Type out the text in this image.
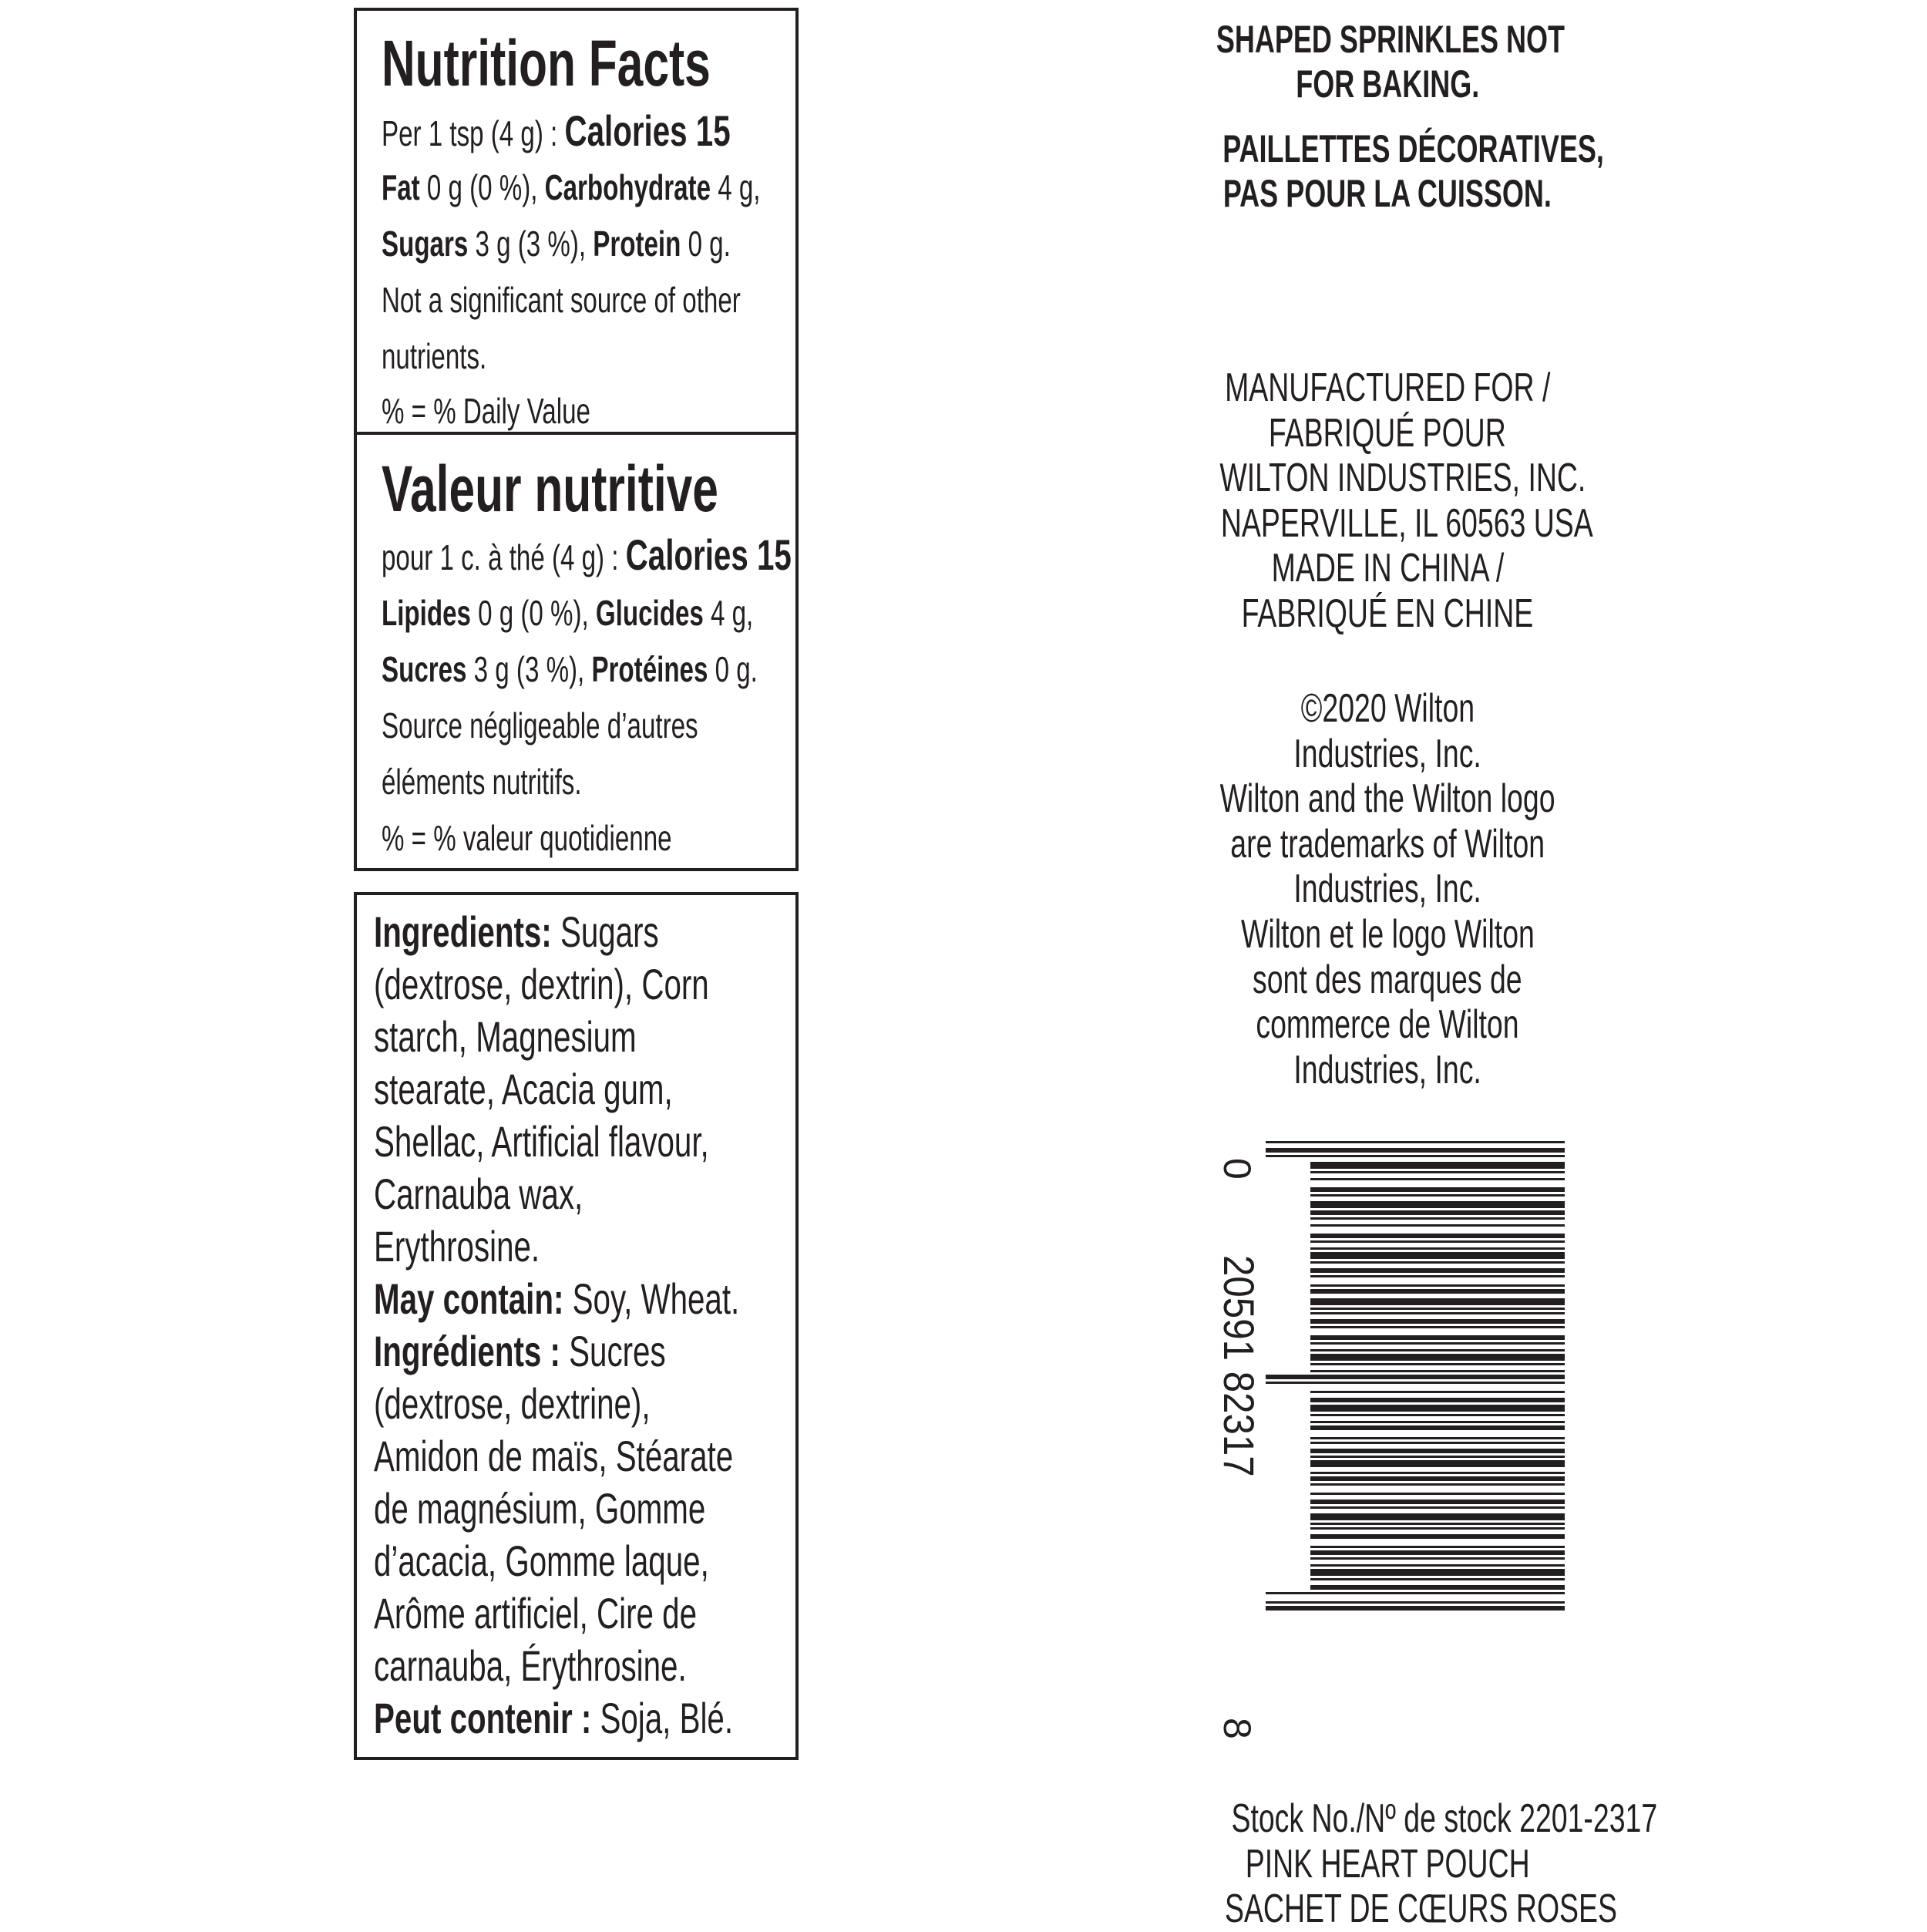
Nutrition Facts
Per 1 tsp (4 g) : Calories 15
Fat 0 g (0 %), Carbohydrate 4 g,
Sugars 3 g (3 %), Protein 0 g.
Not a significant source of other
nutrients.
% = % Daily Value
Valeur nutritive
pour 1 c. à thé (4 g) : Calories 15
Lipides 0 g (0 %), Glucides 4 g,
Sucres 3 g (3 %), Protéines 0 g.
Source négligeable d’autres
éléments nutritifs.
% = % valeur quotidienne
Ingredients: Sugars
(dextrose, dextrin), Corn
starch, Magnesium
stearate, Acacia gum,
Shellac, Artificial flavour,
Carnauba wax,
Erythrosine.
May contain: Soy, Wheat.
Ingrédients : Sucres
(dextrose, dextrine),
Amidon de maïs, Stéarate
de magnésium, Gomme
d’acacia, Gomme laque,
Arôme artificiel, Cire de
carnauba, Érythrosine.
Peut contenir : Soja, Blé.
SHAPED SPRINKLES NOT
FOR BAKING.
PAILLETTES DÉCORATIVES,
PAS POUR LA CUISSON.
MANUFACTURED FOR /
FABRIQUÉ POUR
WILTON INDUSTRIES, INC.
NAPERVILLE, IL 60563 USA
MADE IN CHINA /
FABRIQUÉ EN CHINE
©2020 Wilton
Industries, Inc.
Wilton and the Wilton logo
are trademarks of Wilton
Industries, Inc.
Wilton et le logo Wilton
sont des marques de
commerce de Wilton
Industries, Inc.
0
20591 82317
8
Stock No./Nº de stock 2201-2317
PINK HEART POUCH
SACHET DE CŒURS ROSES
